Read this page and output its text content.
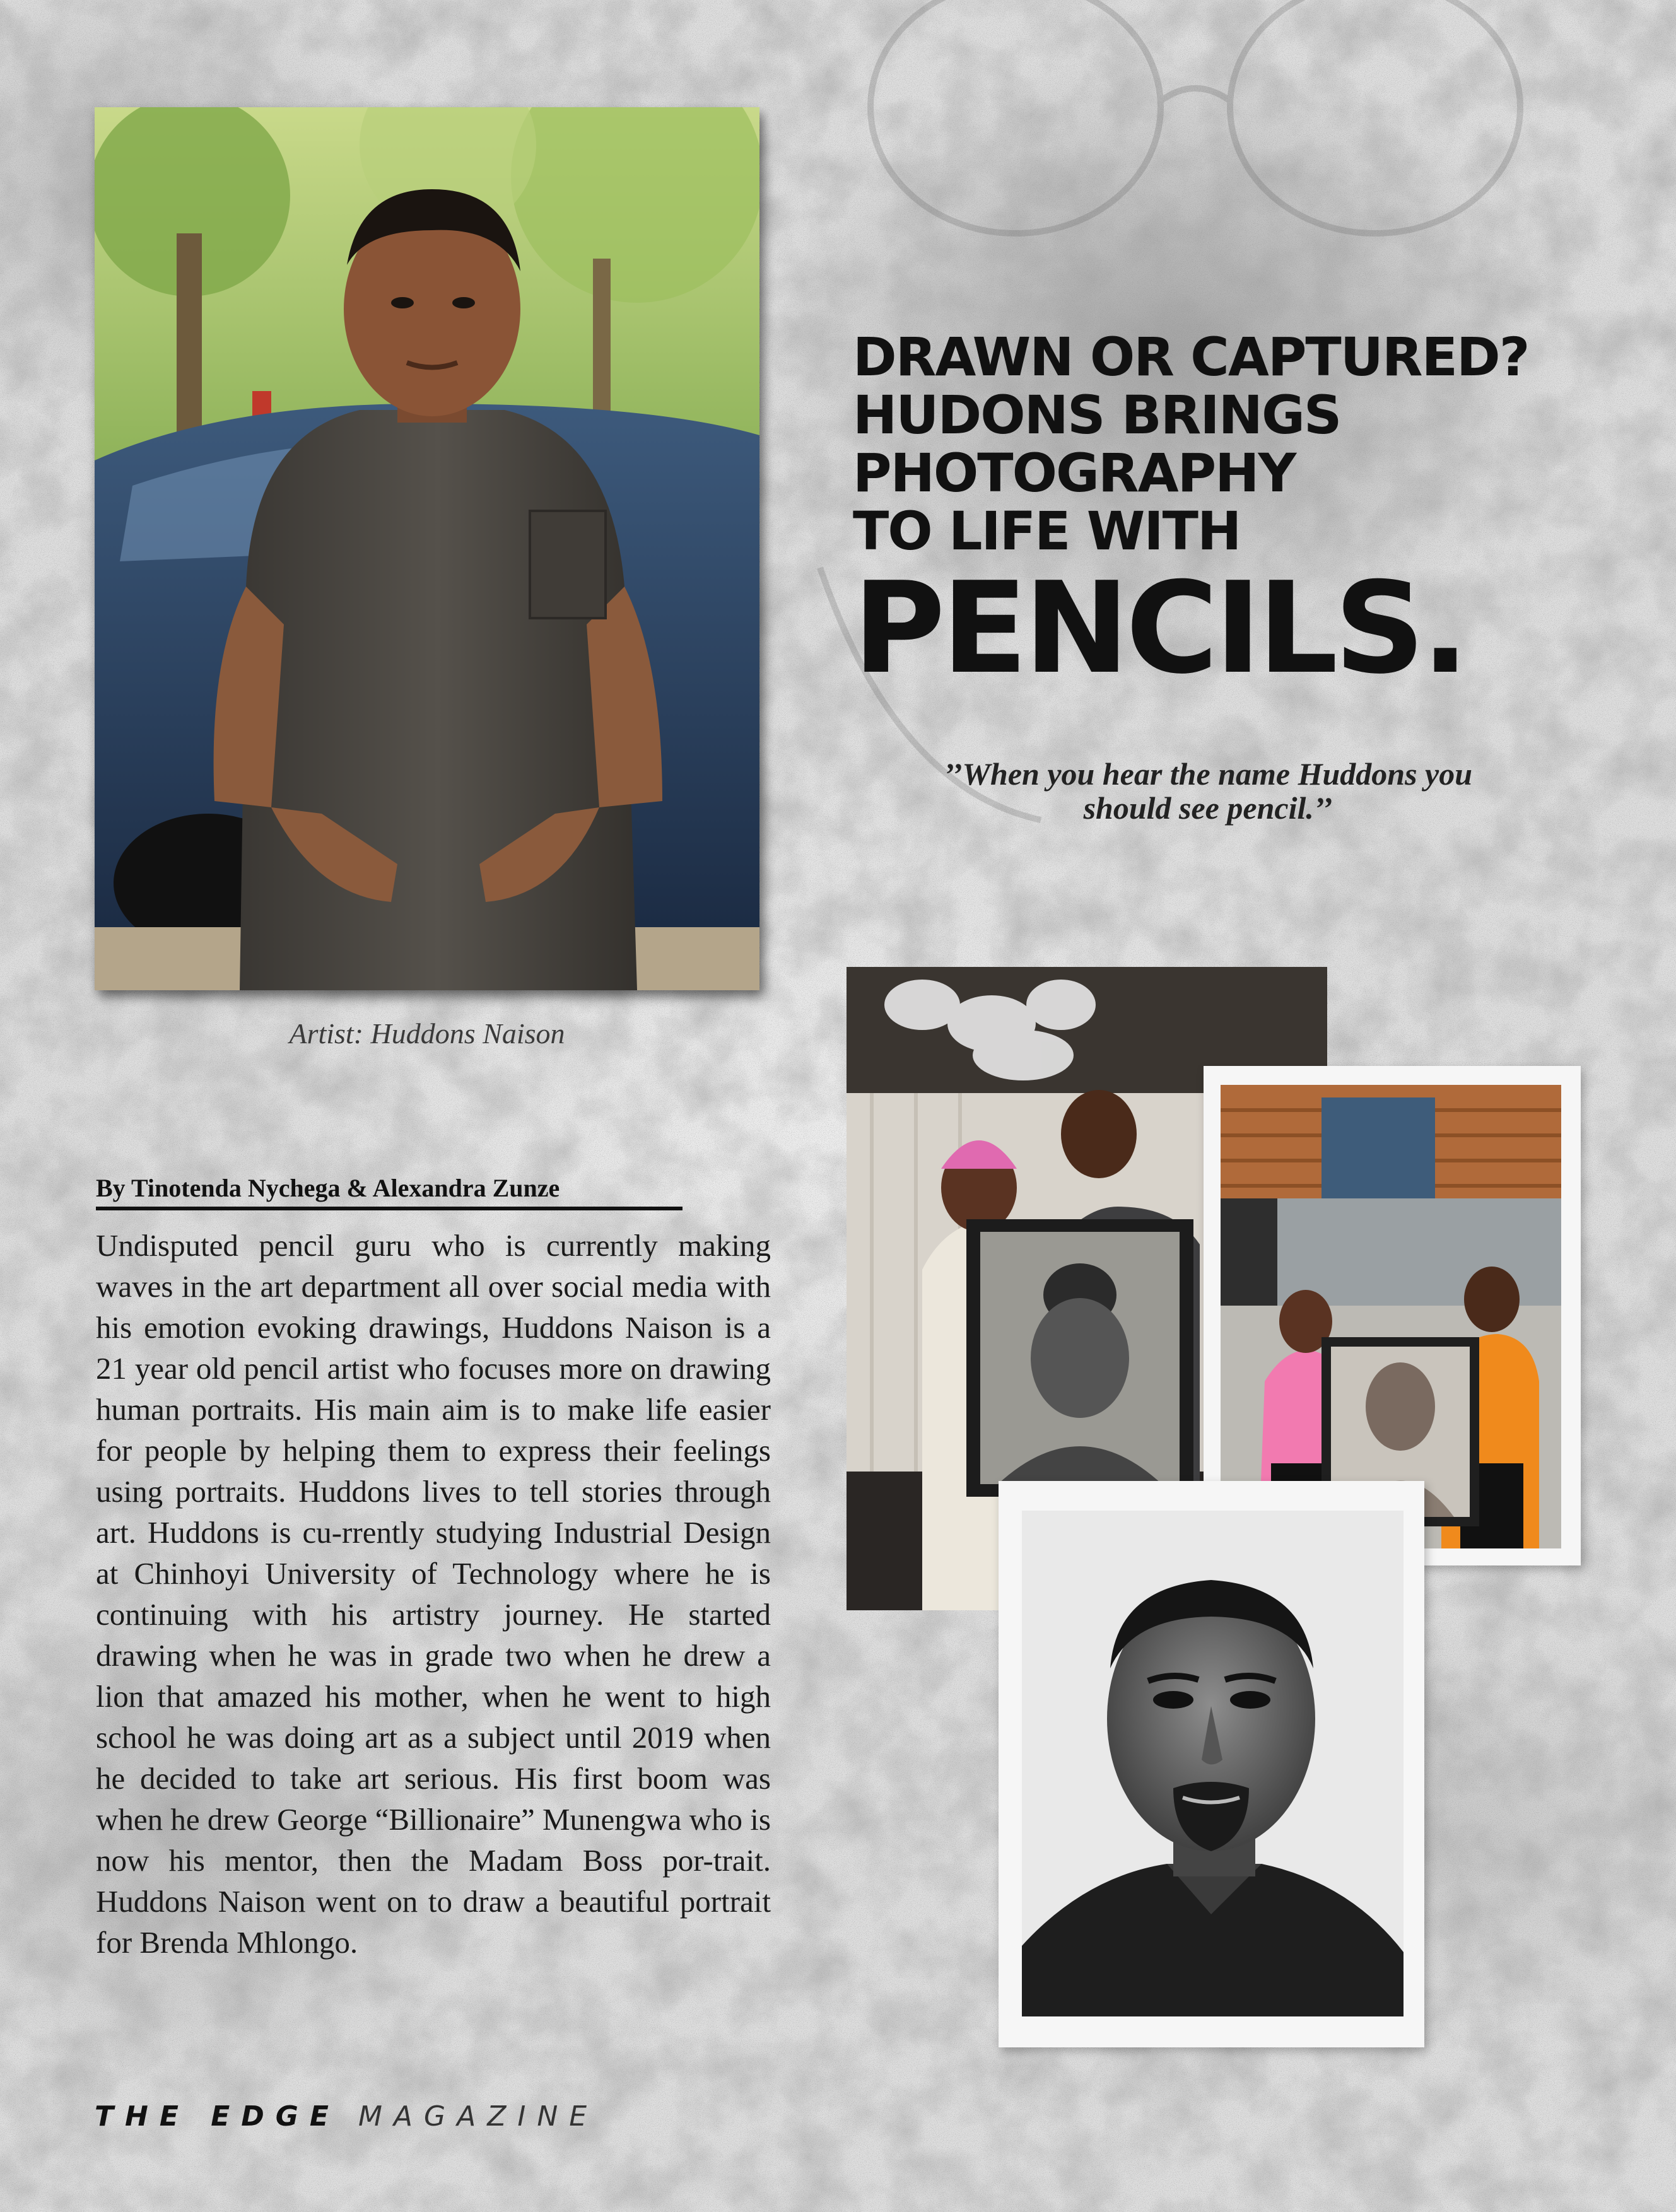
Artist: Huddons Naison
DRAWN OR CAPTURED?
HUDONS BRINGS
PHOTOGRAPHY
TO LIFE WITH
PENCILS.
’’When you hear the name Huddons you
should see pencil.’’
By Tinotenda Nychega & Alexandra Zunze
Undisputed pencil guru who is currently making waves in the art department all over social media with his emotion evoking drawings, Huddons Naison is a 21 year old pencil artist who focuses more on drawing human portraits. His main aim is to make life easier for people by helping them to express their feelings using portraits. Huddons lives to tell stories through art. Huddons is cu-rrently studying Industrial Design at Chinhoyi University of Technology where he is continuing with his artistry journey. He started drawing when he was in grade two when he drew a lion that amazed his mother, when he went to high school he was doing art as a subject until 2019 when he decided to take art serious. His first boom was when he drew George “Billionaire” Munengwa who is now his mentor, then the Madam Boss por-trait. Huddons Naison went on to draw a beautiful portrait for Brenda Mhlongo.
THE EDGE MAGAZINE
